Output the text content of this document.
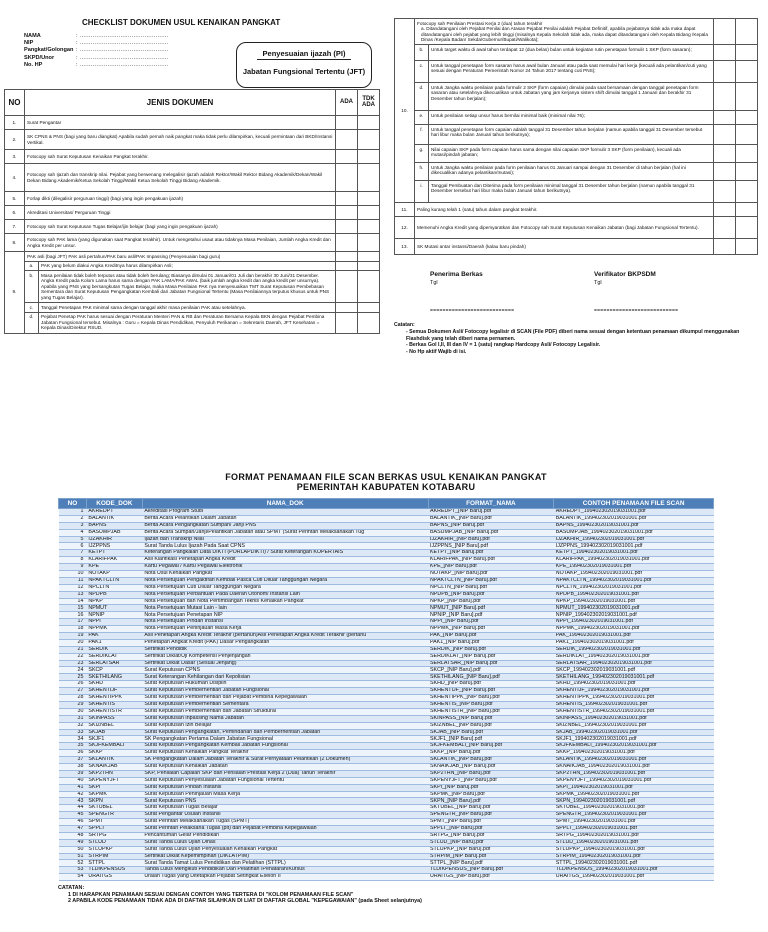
CHECKLIST DOKUMEN USUL KENAIKAN PANGKAT
NAMA	: ................................................
NIP	: ................................................
Pangkat/Golongan : ................................................
SKPD/Unor	: ................................................
No. HP	: ................................................
Penyesuaian ijazah (PI)
Jabatan Fungsional Tertentu (JFT)
NO	JENIS DOKUMEN		ADA	TDK ADA
1.	Surat Pengantar			
2.	SK CPNS & PNS (bagi yang baru diangkat) Apabila sudah pernah naik pangkat maka tidak perlu dilampirkan, kecuali permintaan dari BKD/Instansi Vertikal.			
3.	Fotocopy sah Surat Keputusan Kenaikan Pangkat terakhir.			
4.	Fotocopy sah Ijazah dan transkrip nilai. Pejabat yang berwenang melegalisir Ijazah adalah Rektor/Wakil Rektor Bidang Akademik/Dekan/Wakil Dekan Bidang Akademik/Ketua Sekolah Tinggi/Wakil Ketua Sekolah Tinggi Bidang Akademik.			
5.	Forlap dikti (dilegalisir perguruan tinggi) (bagi yang ingin pengakuan ijazah)			
6.	Akreditasi Universitas/ Perguruan Tinggi			
7.	Fotocopy sah Surat Keputusan Tugas Belajar/ijin belajar (bagi yang ingin pengakuan ijazah)			
8.	Fotocopy sah PAK lama (yang digunakan saat Pangkat terakhir). Untuk mengetahui usaut atau tidaknya Masa Penilaian, Jumlah Angka Kredit dan Angka Kredit per unsur.			
9.	PAK asli (bagi JFT) PAK asli pertahun/PAK baru asli/PAK Impassing (Penyesuaian bagi guru)			
	a.	PAK yang belum diakui Angka Kreditnya harus dilampirkan Asli;		
	b.	Masa penilaian tidak boleh terputus atau tidak boleh berulang; Biasanya dimulai 01 Januari/01 Juli dan berakhir 30 Juni/31 Desember. Angka Kredit pada Kolom Lama harus sama dengan PAK LAMA/PAK AWAL (baik jumlah angka kredit dan angka kredit per unsurnya). Apabila yang PNS yang bersangkutan Tugas Belajar, maka Masa Penilaian PAK nya menyesuaikan TMT Surat Keputusan Pembebasan Sementara dan Surat Keputusan Pengangkatan Kembali dari Jabatan Fungsional Tertentu (Masa Penilaiannya terputus khusus untuk PNS yang Tugas Belajar).		
	c.	Tanggal Penetapan PAK minimal sama dengan tanggal akhir masa penilaian PAK atau setelahnya.		
	d.	Pejabat Penetap PAK harus sesuai dengan Peraturan Menteri PAN & RB dan Peraturan Bersama Kepala BKN dengan Pejabat Pembina Jabatan Fungsional tersebut. Misalnya : Guru = Kepala Dinas Pendidikan, Penyuluh Perikanan = Sekretaris Daerah, JFT Kesehatan = Kepala Dinas/Direktur RSUD.		
10.	Fotocopy sah Penilaian Prestasi Kerja 2 (dua) tahun terakhir
a. Ditandatangani oleh Pejabat Penilai dan Atasan Pejabat Penilai adalah Pejabat Definitif, apabila pejabatnya tidak ada maka dapat ditandatangani oleh pejabat yang lebih tinggi (misalnya Kepala Sekolah tidak ada, maka dapat ditandatangani oleh Kepala Bidang /Kepala Dinas /Kepala Badan/ Sekda/Gubernur/Bupati/Walikota);			

	b.	Untuk target waktu di awal tahun terdapat 12 (dua belas) bulan untuk kegiatan rutin penetapan formulir 1 SKP (form sasaran);		
	c.	Untuk tanggal penetapan form sasaran harus awal bulan Januari atau pada saat memulai hari kerja (kecuali ada pelantikan/cuti yang sesuai dengan Peraturan Pemerintah Nomor 24 Tahun 2017 tentang cuti PNS);		
	d.	Untuk Jangka waktu penilaian pada formulir 2 SKP (form capaian) dimulai pada saat bersamaan dengan tanggal penetapan form sasaran atau setelahnya dikecualikan untuk Jabatan yang jam kerjanya sistem shift dimulai tanggal 1 Januari dan berakhir 31 Desember tahun berjalan);		
	e.	Untuk penilaian setiap unsur harus bernilai minimal baik (minimal nilai 76);		
	f.	Untuk tanggal penetapan form capaian adalah tanggal 31 Desember tahun berjalan (namun apabila tanggal 31 Desember tersebut hari libur maka bulan Januari tahun berikutnya);		
	g.	Nilai capaian SKP pada form capaian harus sama dengan nilai capaian SKP formulir 3 SKP (form penilaian), kecuali ada mutasi/pindah jabatan;		
	h.	Untuk Jangka waktu penilaian pada form penilaian harus 01 Januari sampai dengan 31 Desember di tahun berjalan (hal ini dikecualikan adanya pelantikan/mutasi);		
	i.	Tanggal Pembuatan dan Diterima pada form penilaian minimal tanggal 31 Desember tahun berjalan (namun apabila tanggal 31 Desember tersebut hari libur maka bulan Januari tahun berikutnya).		
11.	Paling kurang telah 1 (satu) tahun dalam pangkat terakhir.			
12.	Memenuhi Angka Kredit yang dipersyaratkan dan Fotocopy sah Surat Keputusan Kenaikan Jabatan (bagi Jabatan Fungsional Tertentu).			
13.	SK Mutasi antar instansi/Daerah (kalau baru pindah)			
Penerima Berkas
Tgl
===========================
Verifikator BKPSDM
Tgl
===========================
Catatan:
- Semua Dokumen Asli/ Fotocopy legalisir di SCAN (File PDF) diberi nama sesuai dengan ketentuan penamaan dikumpul menggunakan Flashdisk yang telah diberi nama pernamen.
- Berkas Gol I,II, III dan IV = 1 (satu) rangkap Hardcopy Asli/ Fotocopy Legalisir.
- No Hp aktif Wajib di isi.
FORMAT PENAMAAN FILE SCAN BERKAS USUL KENAIKAN PANGKAT
PEMERINTAH KABUPATEN KOTABARU
NO	KODE_DOK	NAMA_DOK	FORMAT_NAMA	CONTOH PENAMAAN FILE SCAN
1	AKREDPT	Akreditasi Program Studi	AKREDPT_[NIP Baru].pdf	AKREDPT_199402302019031001.pdf
2	BALANTIK	Berita Acara Pelantikan Dalam Jabatan	BALANTIK_[NIP Baru].pdf	BALANTIK_199402302019031001.pdf
3	BAPNS	Berita Acara Pengangkatan Sumpah/ Janji PNS	BAPNS_[NIP Baru].pdf	BAPNS_199402302019031001.pdf
4	BASUMPJAB	Berita Acara Sumpah/Janji/Pelantikan Jabatan atau SPMT (Surat Perintah Melaksanakan Tug	BASUMPJAB_[NIP Baru].pdf	BASUMPJAB_199402302019031001.pdf
5	IJZAKHIR	Ijazah dan Transkrip Nilai	IJZAKHIR_[NIP Baru].pdf	IJZAKHIR_199402302019031001.pdf
6	IJZPPNS	Surat Tanda Lulus Ijazah Pada Saat CPNS	IJZPPNS_[NIP Baru].pdf	IJZPPNS_199402302019031001.pdf
7	KETPT	Keterangan Pangkalan Data DIKTI (PORLAPDIKTI) / Surat Keterangan KOPERTAIS	KETPT_[NIP Baru].pdf	KETPT_199402302019031001.pdf
8	KLARIFPAK	Asli Klarifikasi Penetapan Angka Kredit	KLARIFPAK_[NIP Baru].pdf	KLARIFPAK_199402302019031001.pdf
9	KPE	Kartu Pegawai / Kartu Pegawai Elektronik	KPE_[NIP Baru].pdf	KPE_199402302019031001.pdf
10	NOTAKP	Nota Usul Kenaikan Pangkat	NOTAKP_[NIP Baru].pdf	NOTAKP_199402302019031001.pdf
11	NPAKTCLTN	Nota Persetujuan Pengaktifan Kembali Pasca Cuti Diluar Tanggungan Negara	NPAKTCLTN_[NIP Baru].pdf	NPAKTCLTN_199402302019031001.pdf
12	NPCLTN	Nota Persetujuan Cuti Diluar Tanggungan Negara	NPCLTN_[NIP Baru].pdf	NPCLTN_199402302019031001.pdf
13	NPDPB	Nota Persetujuan Perbantuan Pada Daerah Otonom/ Instansi Lain	NPDPB_[NIP Baru].pdf	NPDPB_199402302019031001.pdf
14	NPKP	Nota Persetujuan dan Nota Pertimbangan Teknis Kenaikan Pangkat	NPKP_[NIP Baru].pdf	NPKP_199402302019031001.pdf
15	NPMUT	Nota Persetujuan Mutasi Lain - lain	NPMUT_[NIP Baru].pdf	NPMUT_199402302019031001.pdf
16	NPNIP	Nota Persetujuan Penetapan NIP	NPNIP_[NIP Baru].pdf	NPNIP_199402302019031001.pdf
17	NPPI	Nota Persetujuan Pindah Instansi	NPPI_[NIP Baru].pdf	NPPI_199402302019031001.pdf
18	NPPMK	Nota Persetujuan Peninjauan Masa Kerja	NPPMK_[NIP Baru].pdf	NPPMK_199402302019031001.pdf
19	PAK	Asli Penetapan Angka Kredit Terakhir (pertahun)Asli Penetapan Angka Kredit Terakhir (pertahu	PAK_[NIP Baru].pdf	PAK_199402302019031001.pdf
20	PAK1	Penetapan Angkat Kredit (PAK) Dasar Pengangkatan	PAK1_[NIP Baru].pdf	PAK1_199402302019031001.pdf
21	SERDIK	Sertifikat Pendidik	SERDIK_[NIP Baru].pdf	SERDIK_199402302019031001.pdf
22	SERDIKLAT	Sertifikat Diklat/Uji Kompetensi Penjenjangan	SERDIKLAT_[NIP Baru].pdf	SERDIKLAT_199402302019031001.pdf
23	SERLATSAR	Sertifikat Diklat Dasar (Sesuai Jenjang)	SERLATSAR_[NIP Baru].pdf	SERLATSAR_199402302019031001.pdf
24	SKCP	Surat Keputusan CPNS	SKCP_[NIP Baru].pdf	SKCP_199402302019031001.pdf
25	SKETHILANG	Surat Keterangan Kehilangan dari Kepolisian	SKETHILANG_[NIP Baru].pdf	SKETHILANG_199402302019031001.pdf
26	SKHD	Surat Keputusan Hukuman Disiplin	SKHD_[NIP Baru].pdf	SKHD_199402302019031001.pdf
27	SKHENTIJF	Surat Keputusan Pemberhentian Jabatan Fungsional	SKHENTIJF_[NIP Baru].pdf	SKHENTIJF_199402302019031001.pdf
28	SKHENTIPPK	Surat Keputusan Pemberhentian dari Pejabat Pembina Kepegawaian	SKHENTIPPK_[NIP Baru].pdf	SKHENTIPPK_199402302019031001.pdf
29	SKHENTIS	Surat Keputusan Pemberhentian Sementara	SKHENTIS_[NIP Baru].pdf	SKHENTIS_199402302019031001.pdf
30	SKHENTISTR	Surat Keputusan Pemberhentian dari Jabatan Struktural	SKHENTISTR_[NIP Baru].pdf	SKHENTISTR_199402302019031001.pdf
31	SKINPASS	Surat Keputusan Inpassing Nama Jabatan	SKINPASS_[NIP Baru].pdf	SKINPASS_199402302019031001.pdf
32	SKIZNBEL	Surat Keputusan Izin Belajar	SKIZNBEL_[NIP Baru].pdf	SKIZNBEL_199402302019031001.pdf
33	SKJAB	Surat Keputusan Pengangkatan, Pemindahan dan Pemberhentian Jabatan	SKJAB_[NIP Baru].pdf	SKJAB_199402302019031001.pdf
34	SKJF1	SK Pengangkatan Pertama Dalam Jabatan Fungsional	SKJF1_[NIP Baru].pdf	SKJF1_199402302019031001.pdf
35	SKJFKEMBALI	Surat Keputusan Pengangkatan Kembali Jabatan Fungsional	SKJFKEMBALI_[NIP Baru].pdf	SKJFKEMBALI_199402302019031001.pdf
36	SKKP	Surat Keputusan Kenaikan Pangkat Terakhir	SKKP_[NIP Baru].pdf	SKKP_199402302019031001.pdf
37	SKLANTIK	SK Pengangkatan Dalam Jabatan Terakhir & Surat Pernyataan Pelantikan (2 Dokumen)	SKLANTIK_[NIP Baru].pdf	SKLANTIK_199402302019031001.pdf
38	SKNAIKJAB	Surat Keputusan Kenaikan Jabatan	SKNAIKJAB_[NIP Baru].pdf	SKNAIKJAB_199402302019031001.pdf
39	SKP2THN	SKP, Penilaian Capaian SKP dan Penilaian Prestasi Kerja 2 (Dua) Tahun Terakhir	SKP2THN_[NIP Baru].pdf	SKP2THN_199402302019031001.pdf
40	SKPENYJFT	Surat Keputusan Penyesuaian Jabatan Fungsional Tertentu	SKPENYJFT_[NIP Baru].pdf	SKPENYJFT_199402302019031001.pdf
41	SKPI	Surat Keputusan Pindah Instansi	SKPI_[NIP Baru].pdf	SKPI_199402302019031001.pdf
42	SKPMK	Surat Keputusan Peninjauan Masa Kerja	SKPMK_[NIP Baru].pdf	SKPMK_199402302019031001.pdf
43	SKPN	Surat Keputusan PNS	SKPN_[NIP Baru].pdf	SKPN_199402302019031001.pdf
44	SKTUBEL	Surat Keputusan Tugas Belajar	SKTUBEL_[NIP Baru].pdf	SKTUBEL_199402302019031001.pdf
45	SPENGTR	Surat Pengantar Usulan Instansi	SPENGTR_[NIP Baru].pdf	SPENGTR_199402302019031001.pdf
46	SPMT	Surat Perintah Melaksanakan Tugas (SPMT)	SPMT_[NIP Baru].pdf	SPMT_199402302019031001.pdf
47	SPPLT	Surat Perintah Pelaksana Tugas (plt) dari Pejabat Pembina Kepegawaian	SPPLT_[NIP Baru].pdf	SPPLT_199402302019031001.pdf
48	SRTPG	Pencantuman Gelar Pendidikan	SRTPG_[NIP Baru].pdf	SRTPG_199402302019031001.pdf
49	STLUD	Surat Tanda Lulus Ujian Dinas	STLUD_[NIP Baru].pdf	STLUD_199402302019031001.pdf
50	STLUPKP	Surat Tanda Lulus Ujian Penyesuaian Kenaikan Pangkat	STLUPKP_[NIP Baru].pdf	STLUPKP_199402302019031001.pdf
51	STRPIM	Sertifikat Diklat Kepemimpinan (DIKLATPIM)	STRPIM_[NIP Baru].pdf	STRPIM_199402302019031001.pdf
52	STTPL	Surat Tanda Tamat Lulus Pendidikan dan Pelatihan (STTPL)	STTPL_[NIP Baru].pdf	STTPL_199402302019031001.pdf
53	TLDIKPENSUS	Tanda Lulus Mengikuti Pendidikan Dan Pelatihan /Penataran/Kursus	TLDIKPENSUS_[NIP Baru].pdf	TLDIKPENSUS_199402302019031001.pdf
54	URAITGS	Uraian Tugas yang Ditetapkan Pejabat Setingkat Eselon II	URAITGS_[NIP Baru].pdf	URAITGS_199402302019031001.pdf
CATATAN:
1 DI HARAPKAN PENAMAAN SESUAI DENGAN CONTOH YANG TERTERA DI "KOLOM PENAMAAN FILE SCAN"
2 APABILA KODE PENAMAAN TIDAK ADA DI DAFTAR SILAHKAN DI LIAT DI DAFTAR GLOBAL "KEPEGAWAIAN" (pada Sheet selanjutnya)
